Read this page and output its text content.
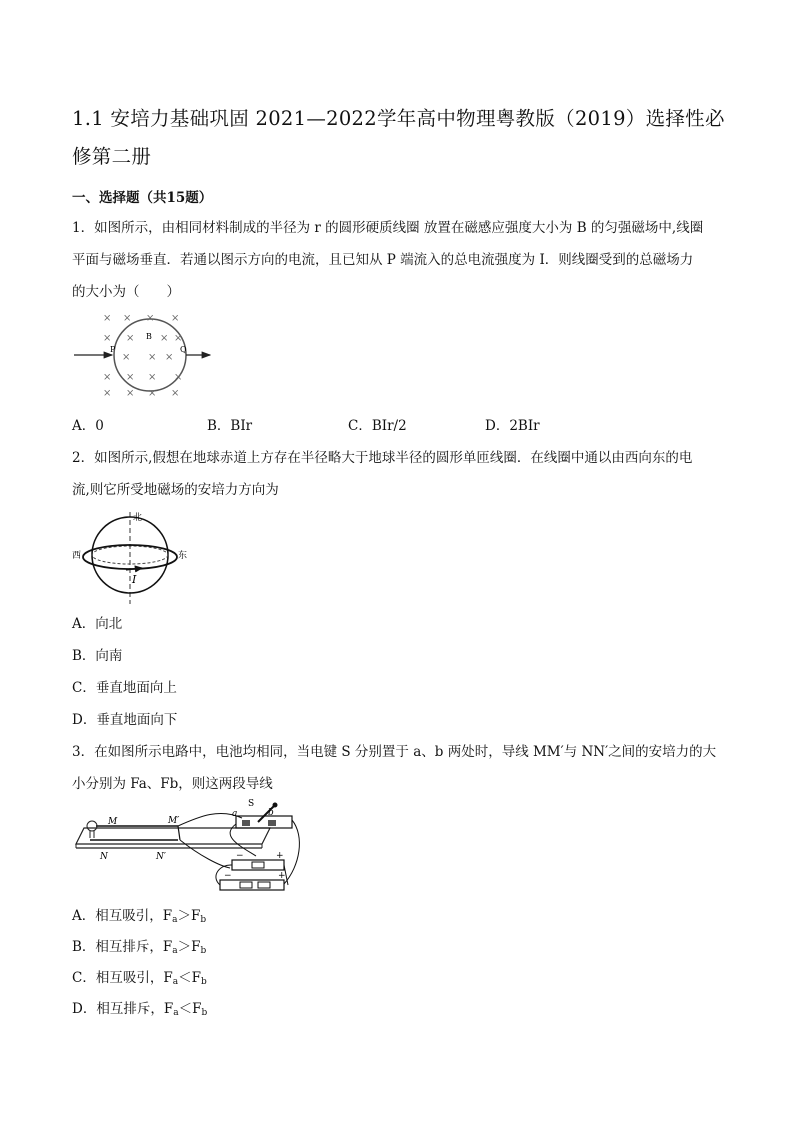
1.1 安培力基础巩固 2021—2022学年高中物理粤教版（2019）选择性必修第二册
一、选择题（共15题）
1．如图所示，由相同材料制成的半径为 r 的圆形硬质线圈 放置在磁感应强度大小为 B 的匀强磁场中,线圈
平面与磁场垂直．若通以图示方向的电流，且已知从 P 端流入的总电流强度为 I．则线圈受到的总磁场力
的大小为（　　）
× × × ×
× ×	× ×
× × ×
× × × ×
× × × ×
P
B
Q
A．0	B．BIr	C．BIr/2	D．2BIr
2．如图所示,假想在地球赤道上方存在半径略大于地球半径的圆形单匝线圈．在线圈中通以由西向东的电
流,则它所受地磁场的安培力方向为
北
西	东
I
A．向北
B．向南
C．垂直地面向上
D．垂直地面向下
3．在如图所示电路中，电池均相同，当电键 S 分别置于 a、b 两处时，导线 MM′与 NN′之间的安培力的大
小分别为 Fa、Fb，则这两段导线
−	+
−	+
M	M′
N	N′
S
a	b
A．相互吸引，$F_a>F_b$
B．相互排斥，$F_a>F_b$
C．相互吸引，$F_a<F_b$
D．相互排斥，$F_a<F_b$
